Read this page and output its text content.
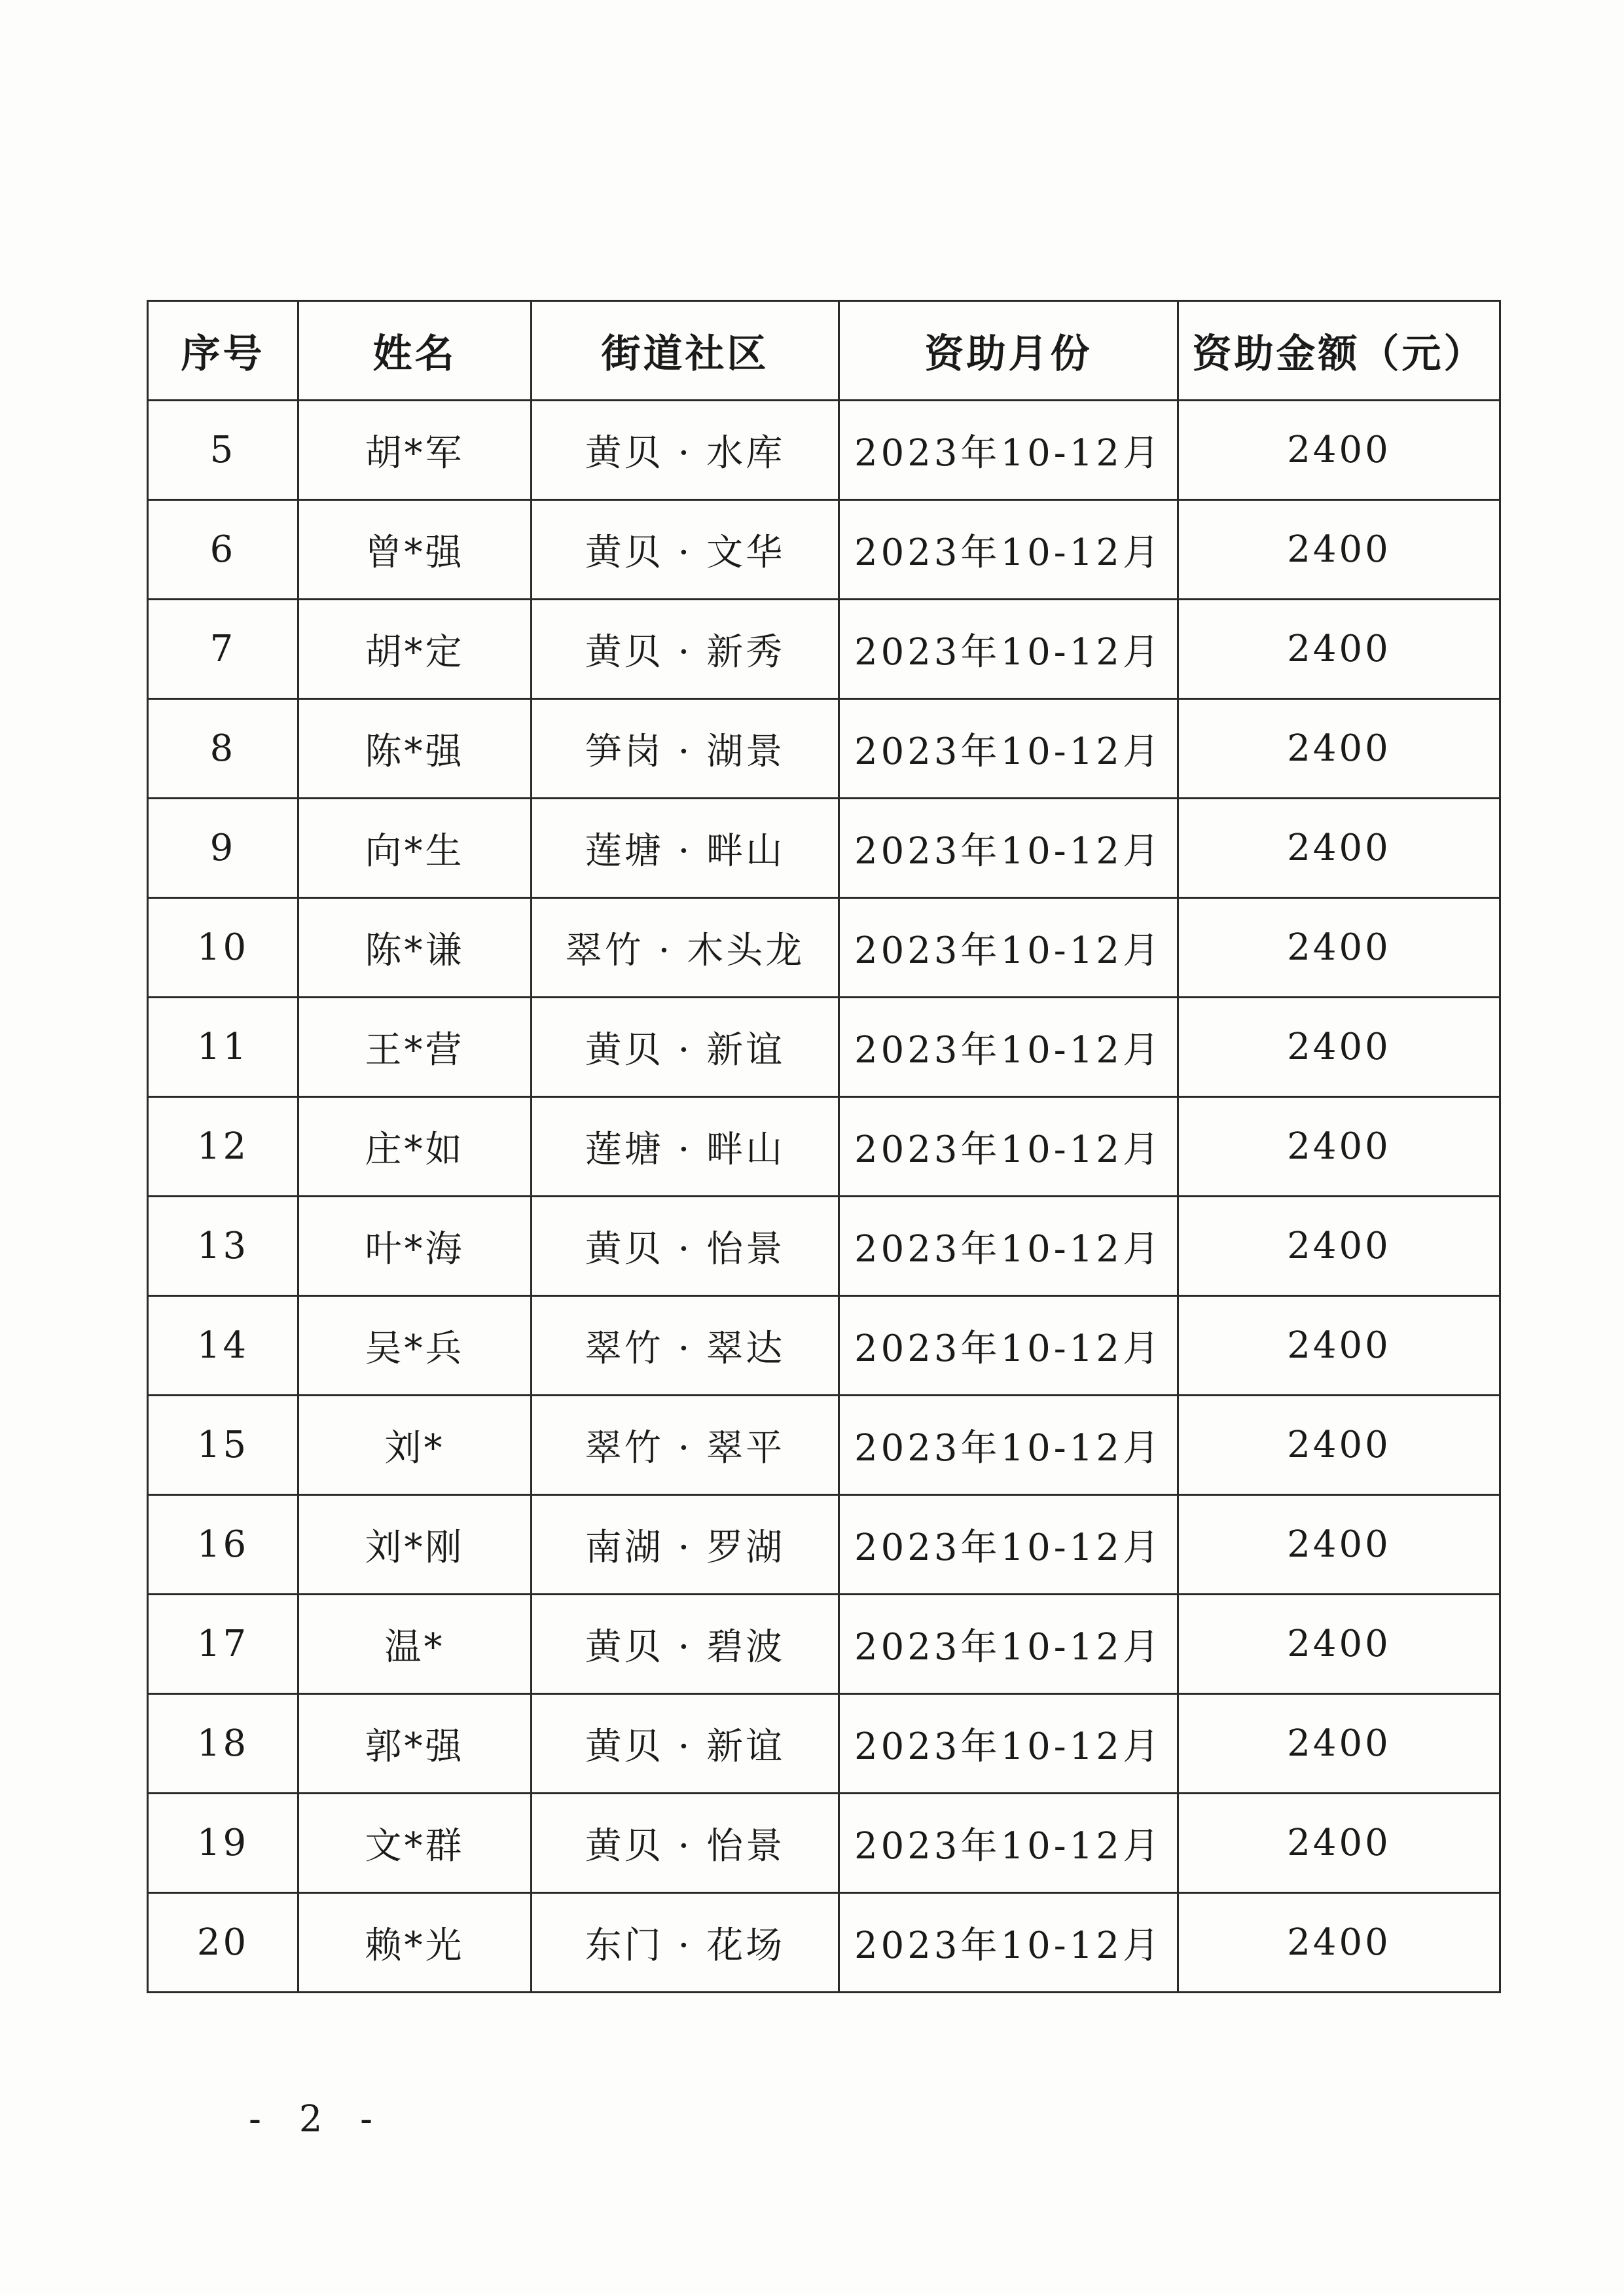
序号	姓名	街道社区	资助月份	资助金额（元）
5	胡*军	黄贝 · 水库	2023年10-12月	2400
6	曾*强	黄贝 · 文华	2023年10-12月	2400
7	胡*定	黄贝 · 新秀	2023年10-12月	2400
8	陈*强	笋岗 · 湖景	2023年10-12月	2400
9	向*生	莲塘 · 畔山	2023年10-12月	2400
10	陈*谦	翠竹 · 木头龙	2023年10-12月	2400
11	王*营	黄贝 · 新谊	2023年10-12月	2400
12	庄*如	莲塘 · 畔山	2023年10-12月	2400
13	叶*海	黄贝 · 怡景	2023年10-12月	2400
14	吴*兵	翠竹 · 翠达	2023年10-12月	2400
15	刘*	翠竹 · 翠平	2023年10-12月	2400
16	刘*刚	南湖 · 罗湖	2023年10-12月	2400
17	温*	黄贝 · 碧波	2023年10-12月	2400
18	郭*强	黄贝 · 新谊	2023年10-12月	2400
19	文*群	黄贝 · 怡景	2023年10-12月	2400
20	赖*光	东门 · 花场	2023年10-12月	2400
- 2 -
